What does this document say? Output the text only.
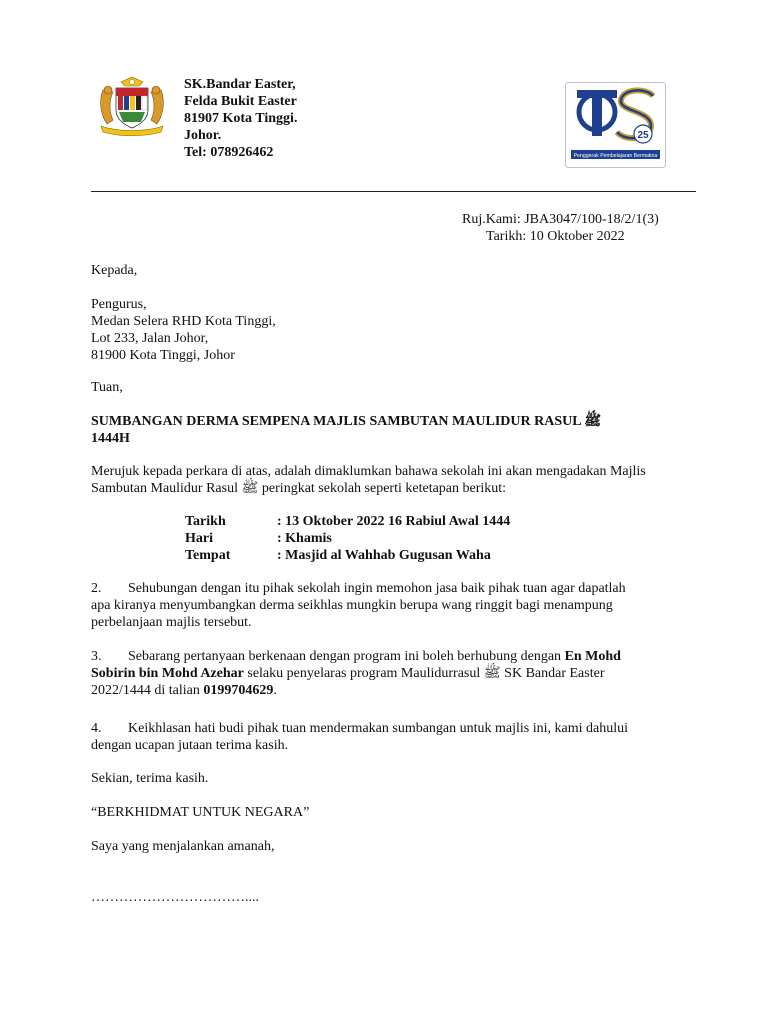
SK.Bandar Easter,
Felda Bukit Easter
81907 Kota Tinggi.
Johor.
Tel: 078926462
25
Penggerak Pembelajaran Bermakna
Ruj.Kami: JBA3047/100-18/2/1(3)
Tarikh: 10 Oktober 2022
Kepada,
Pengurus,
Medan Selera RHD Kota Tinggi,
Lot 233, Jalan Johor,
81900 Kota Tinggi, Johor
Tuan,
SUMBANGAN DERMA SEMPENA MAJLIS SAMBUTAN MAULIDUR RASUL ﷺ
1444H
Merujuk kepada perkara di atas, adalah dimaklumkan bahawa sekolah ini akan mengadakan Majlis
Sambutan Maulidur Rasul ﷺ peringkat sekolah seperti ketetapan berikut:
Tarikh	: 13 Oktober 2022 16 Rabiul Awal 1444
Hari	: Khamis
Tempat	: Masjid al Wahhab Gugusan Waha
2. Sehubungan dengan itu pihak sekolah ingin memohon jasa baik pihak tuan agar dapatlah
apa kiranya menyumbangkan derma seikhlas mungkin berupa wang ringgit bagi menampung
perbelanjaan majlis tersebut.
3. Sebarang pertanyaan berkenaan dengan program ini boleh berhubung dengan En Mohd
Sobirin bin Mohd Azehar selaku penyelaras program Maulidurrasul ﷺ SK Bandar Easter
2022/1444 di talian 0199704629.
4. Keikhlasan hati budi pihak tuan mendermakan sumbangan untuk majlis ini, kami dahului
dengan ucapan jutaan terima kasih.
Sekian, terima kasih.
“BERKHIDMAT UNTUK NEGARA”
Saya yang menjalankan amanah,
……………………………....
